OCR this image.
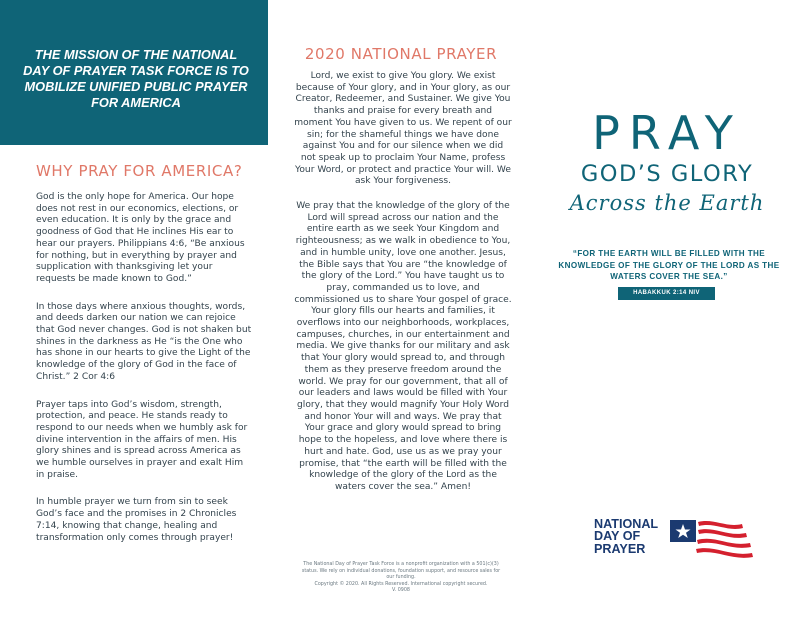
THE MISSION OF THE NATIONAL DAY OF PRAYER TASK FORCE IS TO MOBILIZE UNIFIED PUBLIC PRAYER FOR AMERICA
WHY PRAY FOR AMERICA?

God is the only hope for America. Our hope does not rest in our economics, elections, or even education. It is only by the grace and goodness of God that He inclines His ear to hear our prayers. Philippians 4:6, “Be anxious for nothing, but in everything by prayer and supplication with thanksgiving let your requests be made known to God.”

In those days where anxious thoughts, words, and deeds darken our nation we can rejoice that God never changes. God is not shaken but shines in the darkness as He “is the One who has shone in our hearts to give the Light of the knowledge of the glory of God in the face of Christ.” 2 Cor 4:6

Prayer taps into God’s wisdom, strength, protection, and peace. He stands ready to respond to our needs when we humbly ask for divine intervention in the affairs of men. His glory shines and is spread across America as we humble ourselves in prayer and exalt Him in praise.

In humble prayer we turn from sin to seek God’s face and the promises in 2 Chronicles 7:14, knowing that change, healing and transformation only comes through prayer!

2020 NATIONAL PRAYER

Lord, we exist to give You glory. We exist because of Your glory, and in Your glory, as our Creator, Redeemer, and Sustainer. We give You thanks and praise for every breath and moment You have given to us. We repent of our sin; for the shameful things we have done against You and for our silence when we did not speak up to proclaim Your Name, profess Your Word, or protect and practice Your will. We ask Your forgiveness.

We pray that the knowledge of the glory of the Lord will spread across our nation and the entire earth as we seek Your Kingdom and righteousness; as we walk in obedience to You, and in humble unity, love one another. Jesus, the Bible says that You are “the knowledge of the glory of the Lord.” You have taught us to pray, commanded us to love, and commissioned us to share Your gospel of grace. Your glory fills our hearts and families, it overflows into our neighborhoods, workplaces, campuses, churches, in our entertainment and media. We give thanks for our military and ask that Your glory would spread to, and through them as they preserve freedom around the world. We pray for our government, that all of our leaders and laws would be filled with Your glory, that they would magnify Your Holy Word and honor Your will and ways. We pray that Your grace and glory would spread to bring hope to the hopeless, and love where there is hurt and hate. God, use us as we pray your promise, that “the earth will be filled with the knowledge of the glory of the Lord as the waters cover the sea.” Amen!

The National Day of Prayer Task Force is a nonprofit organization with a 501(c)(3) status. We rely on individual donations, foundation support, and resource sales for our funding.

Copyright © 2020. All Rights Reserved. International copyright secured.

V. 0908

PRAY
GOD’S GLORY
Across the Earth
“FOR THE EARTH WILL BE FILLED WITH THE KNOWLEDGE OF THE GLORY OF THE LORD AS THE WATERS COVER THE SEA.”
HABAKKUK 2:14 NIV
NATIONAL
DAY OF
PRAYER
